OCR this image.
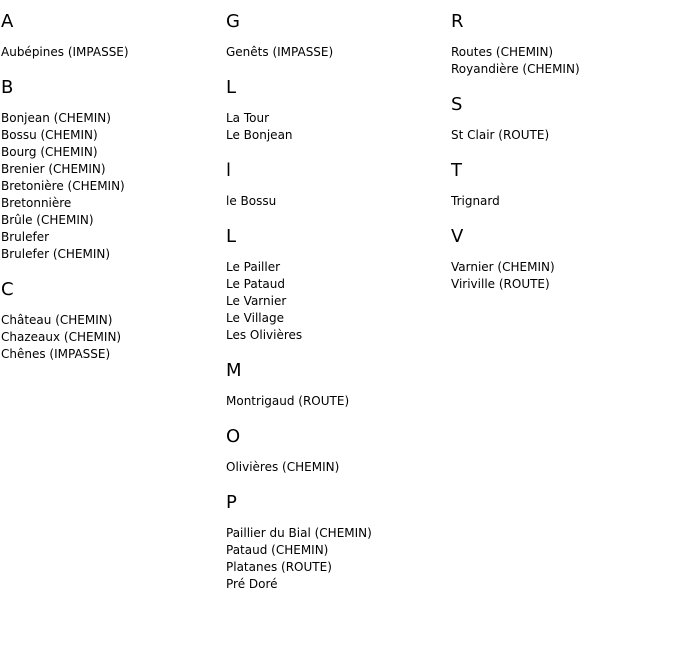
A
Aubépines (IMPASSE)
B
Bonjean (CHEMIN)
Bossu (CHEMIN)
Bourg (CHEMIN)
Brenier (CHEMIN)
Bretonière (CHEMIN)
Bretonnière
Brûle (CHEMIN)
Brulefer
Brulefer (CHEMIN)
C
Château (CHEMIN)
Chazeaux (CHEMIN)
Chênes (IMPASSE)
G
Genêts (IMPASSE)
L
La Tour
Le Bonjean
l
le Bossu
L
Le Pailler
Le Pataud
Le Varnier
Le Village
Les Olivières
M
Montrigaud (ROUTE)
O
Olivières (CHEMIN)
P
Paillier du Bial (CHEMIN)
Pataud (CHEMIN)
Platanes (ROUTE)
Pré Doré
R
Routes (CHEMIN)
Royandière (CHEMIN)
S
St Clair (ROUTE)
T
Trignard
V
Varnier (CHEMIN)
Viriville (ROUTE)
